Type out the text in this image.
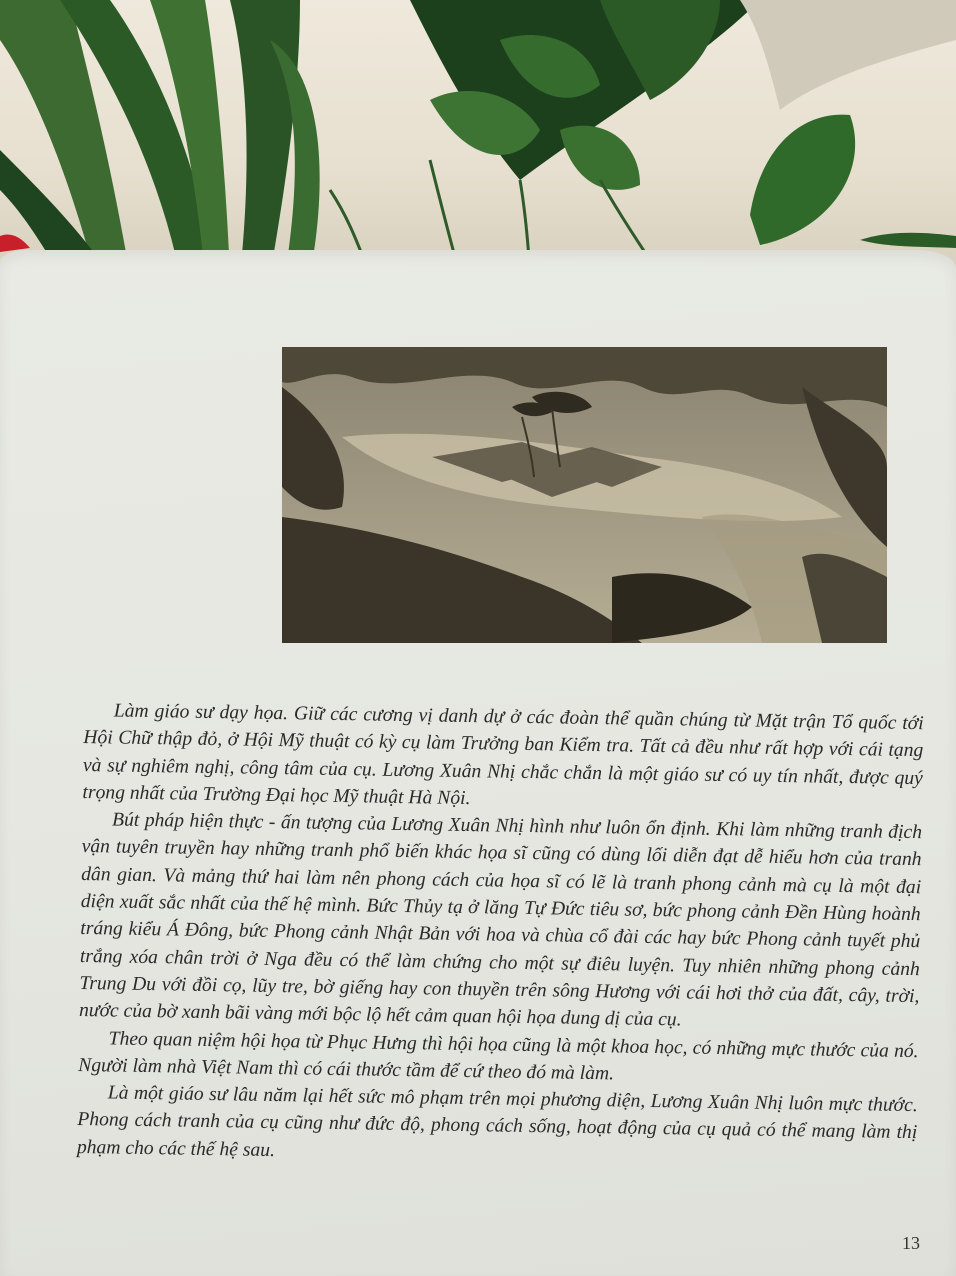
Làm giáo sư dạy họa. Giữ các cương vị danh dự ở các đoàn thể quần chúng từ Mặt trận Tổ quốc tới Hội Chữ thập đỏ, ở Hội Mỹ thuật có kỳ cụ làm Trưởng ban Kiểm tra. Tất cả đều như rất hợp với cái tạng và sự nghiêm nghị, công tâm của cụ. Lương Xuân Nhị chắc chắn là một giáo sư có uy tín nhất, được quý trọng nhất của Trường Đại học Mỹ thuật Hà Nội.

Bút pháp hiện thực - ấn tượng của Lương Xuân Nhị hình như luôn ổn định. Khi làm những tranh địch vận tuyên truyền hay những tranh phổ biến khác họa sĩ cũng có dùng lối diễn đạt dễ hiểu hơn của tranh dân gian. Và mảng thứ hai làm nên phong cách của họa sĩ có lẽ là tranh phong cảnh mà cụ là một đại diện xuất sắc nhất của thế hệ mình. Bức Thủy tạ ở lăng Tự Đức tiêu sơ, bức phong cảnh Đền Hùng hoành tráng kiểu Á Đông, bức Phong cảnh Nhật Bản với hoa và chùa cổ đài các hay bức Phong cảnh tuyết phủ trắng xóa chân trời ở Nga đều có thể làm chứng cho một sự điêu luyện. Tuy nhiên những phong cảnh Trung Du với đồi cọ, lũy tre, bờ giếng hay con thuyền trên sông Hương với cái hơi thở của đất, cây, trời, nước của bờ xanh bãi vàng mới bộc lộ hết cảm quan hội họa dung dị của cụ.

Theo quan niệm hội họa từ Phục Hưng thì hội họa cũng là một khoa học, có những mực thước của nó. Người làm nhà Việt Nam thì có cái thước tầm để cứ theo đó mà làm.

Là một giáo sư lâu năm lại hết sức mô phạm trên mọi phương diện, Lương Xuân Nhị luôn mực thước. Phong cách tranh của cụ cũng như đức độ, phong cách sống, hoạt động của cụ quả có thể mang làm thị phạm cho các thế hệ sau.

13
